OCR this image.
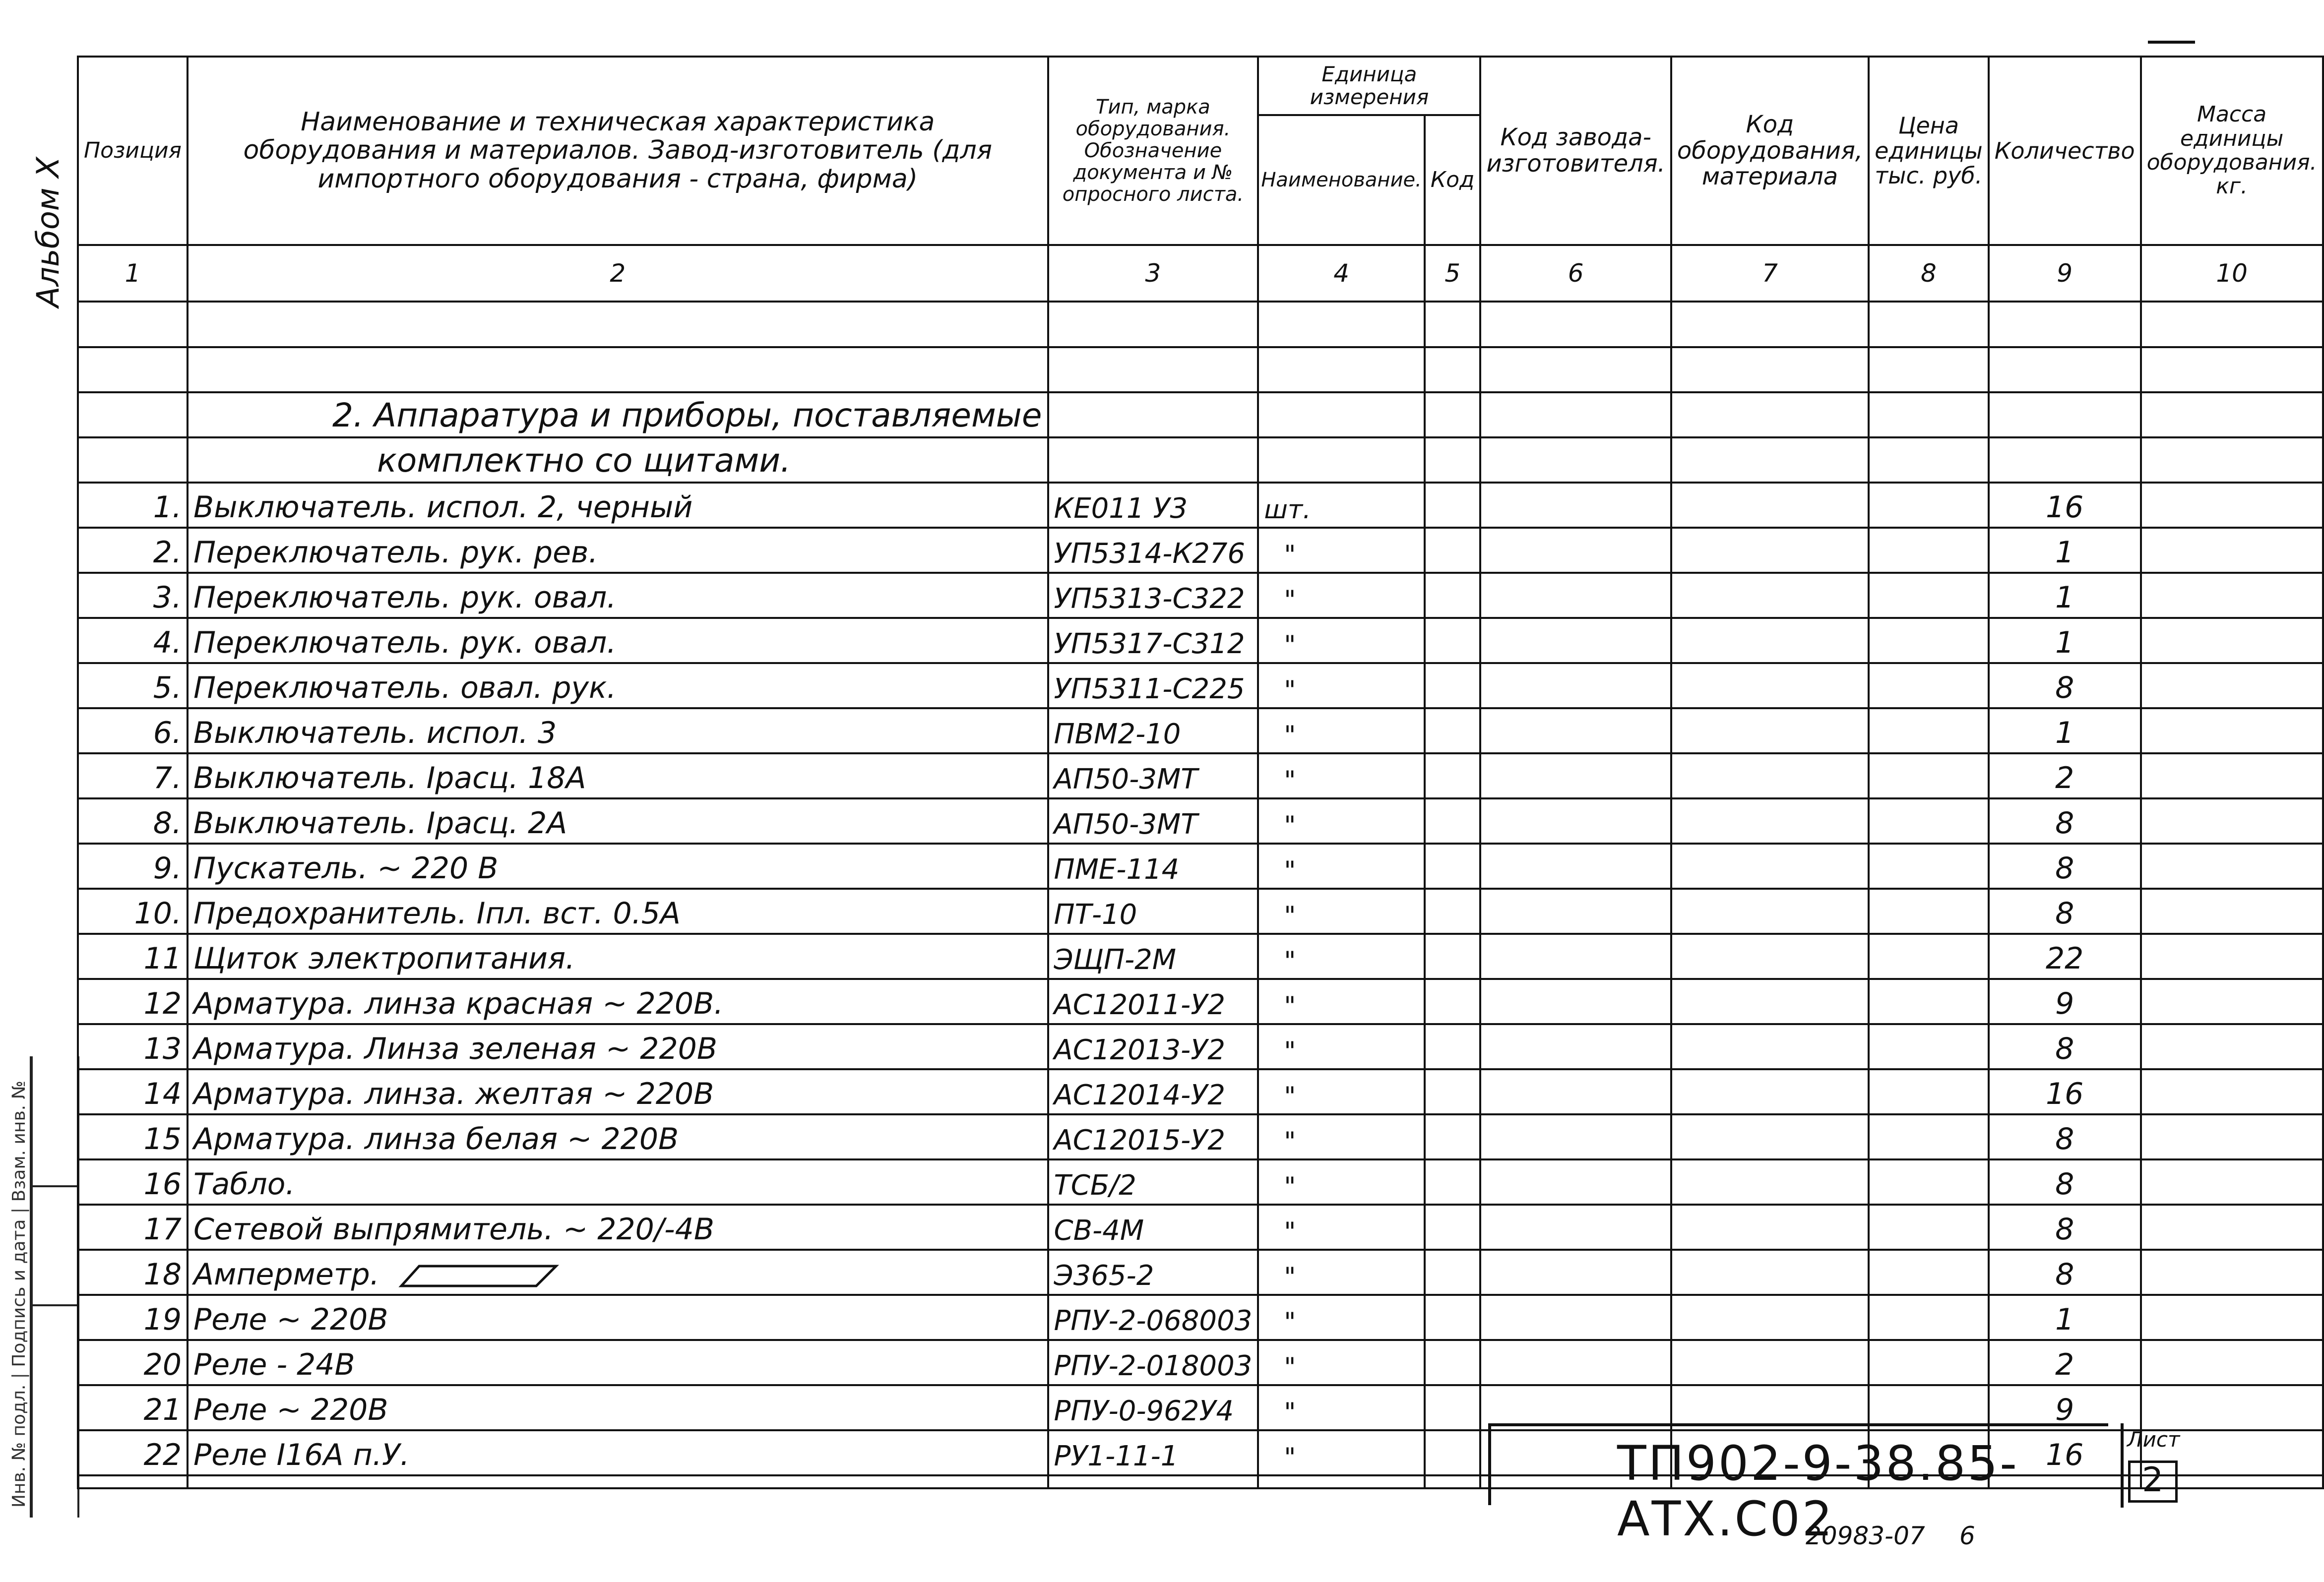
Альбом Х
Инв. № подл. | Подпись и дата | Взам. инв. №
Позиция	Наименование и техническая характеристика оборудования и материалов. Завод-изготовитель (для импортного оборудования - страна, фирма)	Тип, марка оборудования. Обозначение документа и № опросного листа.	Единица измерения		Код завода-изготовителя.	Код оборудования, материала	Цена единицы тыс. руб.	Количество	Масса единицы оборудования. кг.
			Наименование.	Код					
1	2	3	4	5	6	7	8	9	10

	2. Аппаратура и приборы, поставляемые								
	комплектно со щитами.								
1.	Выключатель. испол. 2, черный	КЕ011 У3	шт.					16	
2.	Переключатель. рук. рев.	УП5314-К276	"					1	
3.	Переключатель. рук. овал.	УП5313-С322	"					1	
4.	Переключатель. рук. овал.	УП5317-С312	"					1	
5.	Переключатель. овал. рук.	УП5311-С225	"					8	
6.	Выключатель. испол. 3	ПВМ2-10	"					1	
7.	Выключатель. Iрасц. 18А	АП50-3МТ	"					2	
8.	Выключатель. Iрасц. 2А	АП50-3МТ	"					8	
9.	Пускатель. ~ 220 В	ПМЕ-114	"					8	
10.	Предохранитель. Iпл. вст. 0.5А	ПТ-10	"					8	
11	Щиток электропитания.	ЭЩП-2М	"					22	
12	Арматура. линза красная ~ 220В.	АС12011-У2	"					9	
13	Арматура. Линза зеленая ~ 220В	АС12013-У2	"					8	
14	Арматура. линза. желтая ~ 220В	АС12014-У2	"					16	
15	Арматура. линза белая ~ 220В	АС12015-У2	"					8	
16	Табло.	ТСБ/2	"					8	
17	Сетевой выпрямитель. ~ 220/-4В	СВ-4М	"					8	
18	Амперметр.	Э365-2	"					8	
19	Реле ~ 220В	РПУ-2-068003	"					1	
20	Реле - 24В	РПУ-2-018003	"					2	
21	Реле ~ 220В	РПУ-0-962У4	"					9	
22	Реле I16А п.У.	РУ1-11-1	"					16	

ТП902-9-38.85-АТХ.С02
Лист
2
20983-07 6
